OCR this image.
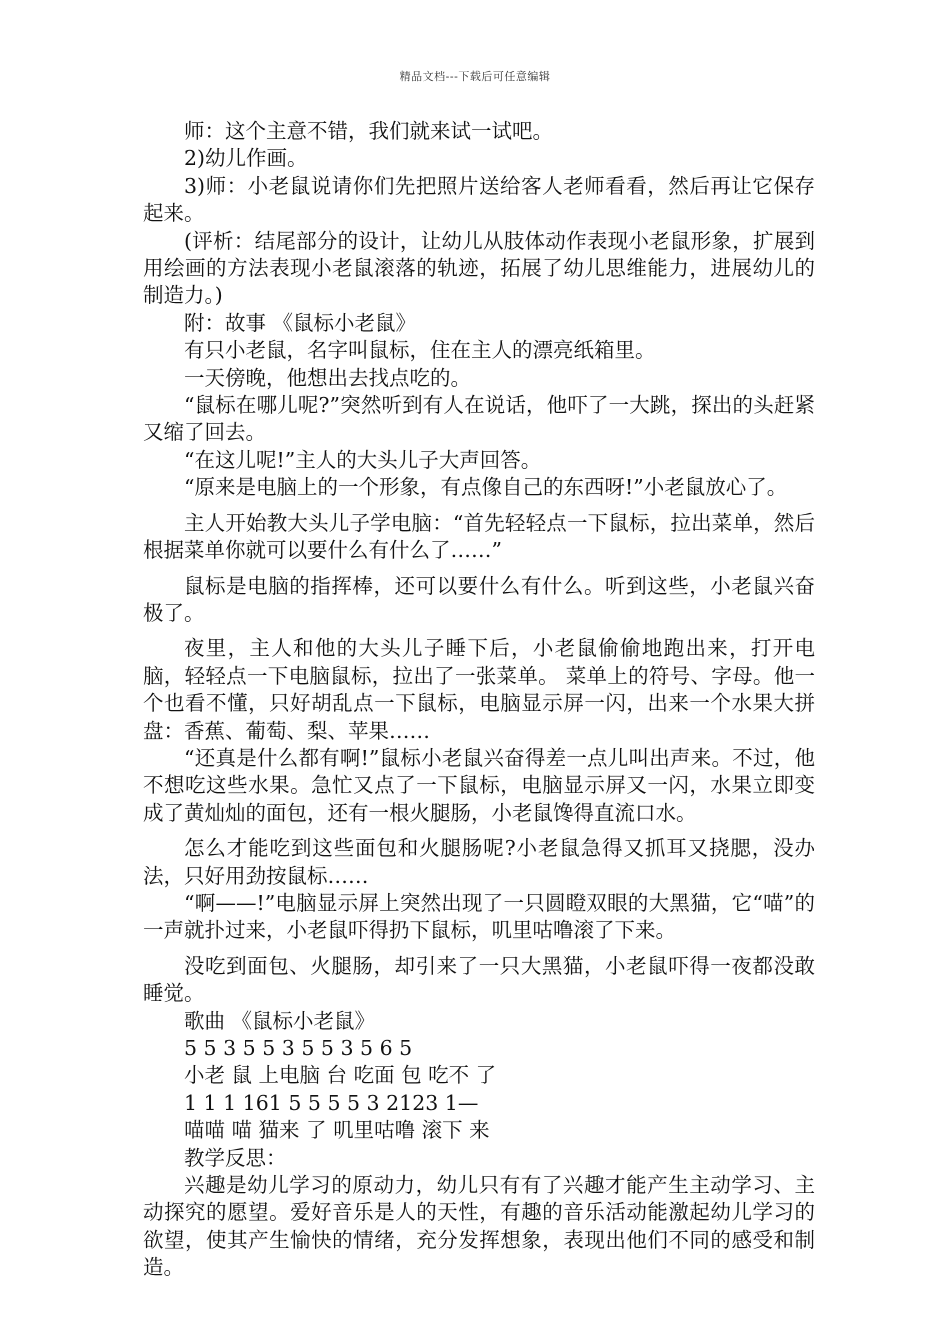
精品文档---下载后可任意编辑

师：这个主意不错，我们就来试一试吧。

2)幼儿作画。

3)师：小老鼠说请你们先把照片送给客人老师看看，然后再让它保存起来。

(评析：结尾部分的设计，让幼儿从肢体动作表现小老鼠形象，扩展到用绘画的方法表现小老鼠滚落的轨迹，拓展了幼儿思维能力，进展幼儿的制造力。)

附：故事 《鼠标小老鼠》

有只小老鼠，名字叫鼠标，住在主人的漂亮纸箱里。

一天傍晚，他想出去找点吃的。

“鼠标在哪儿呢?”突然听到有人在说话，他吓了一大跳，探出的头赶紧又缩了回去。

“在这儿呢!”主人的大头儿子大声回答。

“原来是电脑上的一个形象，有点像自己的东西呀!”小老鼠放心了。

主人开始教大头儿子学电脑：“首先轻轻点一下鼠标，拉出菜单，然后根据菜单你就可以要什么有什么了……”

鼠标是电脑的指挥棒，还可以要什么有什么。听到这些，小老鼠兴奋极了。

夜里，主人和他的大头儿子睡下后，小老鼠偷偷地跑出来，打开电脑，轻轻点一下电脑鼠标，拉出了一张菜单。 菜单上的符号、字母。他一个也看不懂，只好胡乱点一下鼠标，电脑显示屏一闪，出来一个水果大拼盘：香蕉、葡萄、梨、苹果……

“还真是什么都有啊!”鼠标小老鼠兴奋得差一点儿叫出声来。不过，他不想吃这些水果。急忙又点了一下鼠标，电脑显示屏又一闪，水果立即变成了黄灿灿的面包，还有一根火腿肠，小老鼠馋得直流口水。

怎么才能吃到这些面包和火腿肠呢?小老鼠急得又抓耳又挠腮，没办法，只好用劲按鼠标……

“啊——!”电脑显示屏上突然出现了一只圆瞪双眼的大黑猫，它“喵”的一声就扑过来，小老鼠吓得扔下鼠标，叽里咕噜滚了下来。

没吃到面包、火腿肠，却引来了一只大黑猫，小老鼠吓得一夜都没敢睡觉。

歌曲 《鼠标小老鼠》

5 5 3 5 5 3 5 5 3 5 6 5

小老 鼠 上电脑 台 吃面 包 吃不 了

1 1 1 161 5 5 5 5 3 2123 1—

喵喵 喵 猫来 了 叽里咕噜 滚下 来

教学反思：

兴趣是幼儿学习的原动力，幼儿只有有了兴趣才能产生主动学习、主动探究的愿望。爱好音乐是人的天性，有趣的音乐活动能激起幼儿学习的欲望，使其产生愉快的情绪，充分发挥想象，表现出他们不同的感受和制造。
